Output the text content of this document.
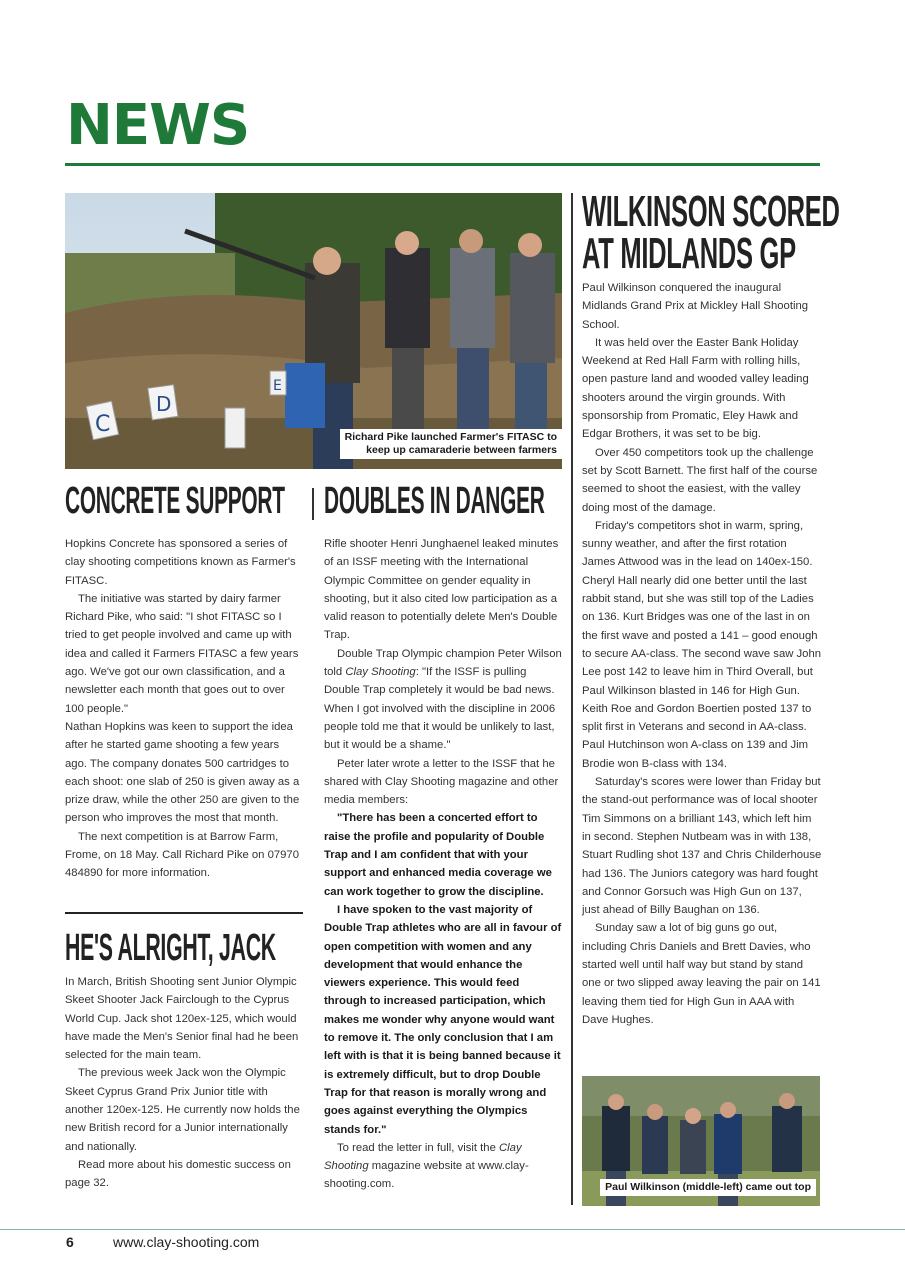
NEWS
C
D
E
Richard Pike launched Farmer's FITASC to
keep up camaraderie between farmers
CONCRETE SUPPORT

Hopkins Concrete has sponsored a series of clay shooting competitions known as Farmer's FITASC.

The initiative was started by dairy farmer Richard Pike, who said: "I shot FITASC so I tried to get people involved and came up with idea and called it Farmers FITASC a few years ago. We've got our own classification, and a newsletter each month that goes out to over 100 people."

Nathan Hopkins was keen to support the idea after he started game shooting a few years ago. The company donates 500 cartridges to each shoot: one slab of 250 is given away as a prize draw, while the other 250 are given to the person who improves the most that month.

The next competition is at Barrow Farm, Frome, on 18 May. Call Richard Pike on 07970 484890 for more information.

HE'S ALRIGHT, JACK

In March, British Shooting sent Junior Olympic Skeet Shooter Jack Fairclough to the Cyprus World Cup. Jack shot 120ex-125, which would have made the Men's Senior final had he been selected for the main team.

The previous week Jack won the Olympic Skeet Cyprus Grand Prix Junior title with another 120ex-125. He currently now holds the new British record for a Junior internationally and nationally.

Read more about his domestic success on page 32.

DOUBLES IN DANGER

Rifle shooter Henri Junghaenel leaked minutes of an ISSF meeting with the International Olympic Committee on gender equality in shooting, but it also cited low participation as a valid reason to potentially delete Men's Double Trap.

Double Trap Olympic champion Peter Wilson told Clay Shooting: "If the ISSF is pulling Double Trap completely it would be bad news. When I got involved with the discipline in 2006 people told me that it would be unlikely to last, but it would be a shame."

Peter later wrote a letter to the ISSF that he shared with Clay Shooting magazine and other media members:

"There has been a concerted effort to raise the profile and popularity of Double Trap and I am confident that with your support and enhanced media coverage we can work together to grow the discipline.

I have spoken to the vast majority of Double Trap athletes who are all in favour of open competition with women and any development that would enhance the viewers experience. This would feed through to increased participation, which makes me wonder why anyone would want to remove it. The only conclusion that I am left with is that it is being banned because it is extremely difficult, but to drop Double Trap for that reason is morally wrong and goes against everything the Olympics stands for."

To read the letter in full, visit the Clay Shooting magazine website at www.clay-shooting.com.

WILKINSON SCORED
AT MIDLANDS GP

Paul Wilkinson conquered the inaugural Midlands Grand Prix at Mickley Hall Shooting School.

It was held over the Easter Bank Holiday Weekend at Red Hall Farm with rolling hills, open pasture land and wooded valley leading shooters around the virgin grounds. With sponsorship from Promatic, Eley Hawk and Edgar Brothers, it was set to be big.

Over 450 competitors took up the challenge set by Scott Barnett. The first half of the course seemed to shoot the easiest, with the valley doing most of the damage.

Friday's competitors shot in warm, spring, sunny weather, and after the first rotation James Attwood was in the lead on 140ex-150. Cheryl Hall nearly did one better until the last rabbit stand, but she was still top of the Ladies on 136. Kurt Bridges was one of the last in on the first wave and posted a 141 – good enough to secure AA-class. The second wave saw John Lee post 142 to leave him in Third Overall, but Paul Wilkinson blasted in 146 for High Gun. Keith Roe and Gordon Boertien posted 137 to split first in Veterans and second in AA-class. Paul Hutchinson won A-class on 139 and Jim Brodie won B-class with 134.

Saturday's scores were lower than Friday but the stand-out performance was of local shooter Tim Simmons on a brilliant 143, which left him in second. Stephen Nutbeam was in with 138, Stuart Rudling shot 137 and Chris Childerhouse had 136. The Juniors category was hard fought and Connor Gorsuch was High Gun on 137, just ahead of Billy Baughan on 136.

Sunday saw a lot of big guns go out, including Chris Daniels and Brett Davies, who started well until half way but stand by stand one or two slipped away leaving the pair on 141 leaving them tied for High Gun in AAA with Dave Hughes.

Paul Wilkinson (middle-left) came out top
6	www.clay-shooting.com
